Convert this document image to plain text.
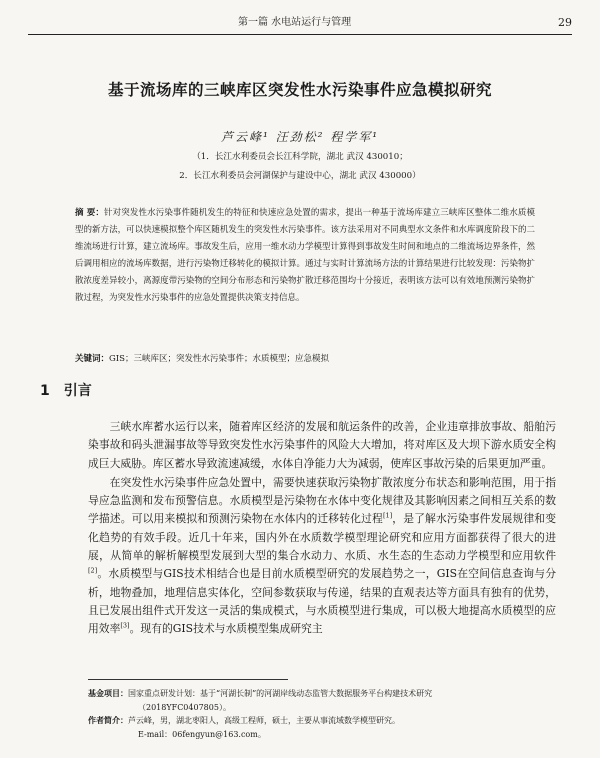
第一篇 水电站运行与管理	29
基于流场库的三峡库区突发性水污染事件应急模拟研究
芦云峰¹ 汪劲松² 程学军¹
（1．长江水利委员会长江科学院，湖北 武汉 430010；
2．长江水利委员会河湖保护与建设中心，湖北 武汉 430000）
摘 要：针对突发性水污染事件随机发生的特征和快速应急处置的需求，提出一种基于流场库建立三峡库区整体二维水质模型的新方法，可以快速模拟整个库区随机发生的突发性水污染事件。该方法采用对不同典型水文条件和水库调度阶段下的二维流场进行计算，建立流场库。事故发生后，应用一维水动力学模型计算得到事故发生时间和地点的二维流场边界条件，然后调用相应的流场库数据，进行污染物迁移转化的模拟计算。通过与实时计算流场方法的计算结果进行比较发现：污染物扩散浓度差异较小，离源度带污染物的空间分布形态和污染物扩散迁移范围均十分接近，表明该方法可以有效地预测污染物扩散过程，为突发性水污染事件的应急处置提供决策支持信息。
关键词：GIS；三峡库区；突发性水污染事件；水质模型；应急模拟
1 引言

三峡水库蓄水运行以来，随着库区经济的发展和航运条件的改善，企业违章排放事故、船舶污染事故和码头泄漏事故等导致突发性水污染事件的风险大大增加，将对库区及大坝下游水质安全构成巨大威胁。库区蓄水导致流速减缓，水体自净能力大为减弱，使库区事故污染的后果更加严重。

在突发性水污染事件应急处置中，需要快速获取污染物扩散浓度分布状态和影响范围，用于指导应急监测和发布预警信息。水质模型是污染物在水体中变化规律及其影响因素之间相互关系的数学描述。可以用来模拟和预测污染物在水体内的迁移转化过程[1]，是了解水污染事件发展规律和变化趋势的有效手段。近几十年来，国内外在水质数学模型理论研究和应用方面都获得了很大的进展，从简单的解析解模型发展到大型的集合水动力、水质、水生态的生态动力学模型和应用软件[2]。水质模型与GIS技术相结合也是目前水质模型研究的发展趋势之一，GIS在空间信息查询与分析，地物叠加，地理信息实体化，空间参数获取与传递，结果的直观表达等方面具有独有的优势，且已发展出组件式开发这一灵活的集成模式，与水质模型进行集成，可以极大地提高水质模型的应用效率[3]。现有的GIS技术与水质模型集成研究主

基金项目：国家重点研发计划：基于“河湖长制”的河湖岸线动态监管大数据服务平台构建技术研究

（2018YFC0407805）。

作者简介：芦云峰，男，湖北枣阳人，高级工程师，硕士，主要从事流域数学模型研究。

E-mail：06fengyun@163.com。
